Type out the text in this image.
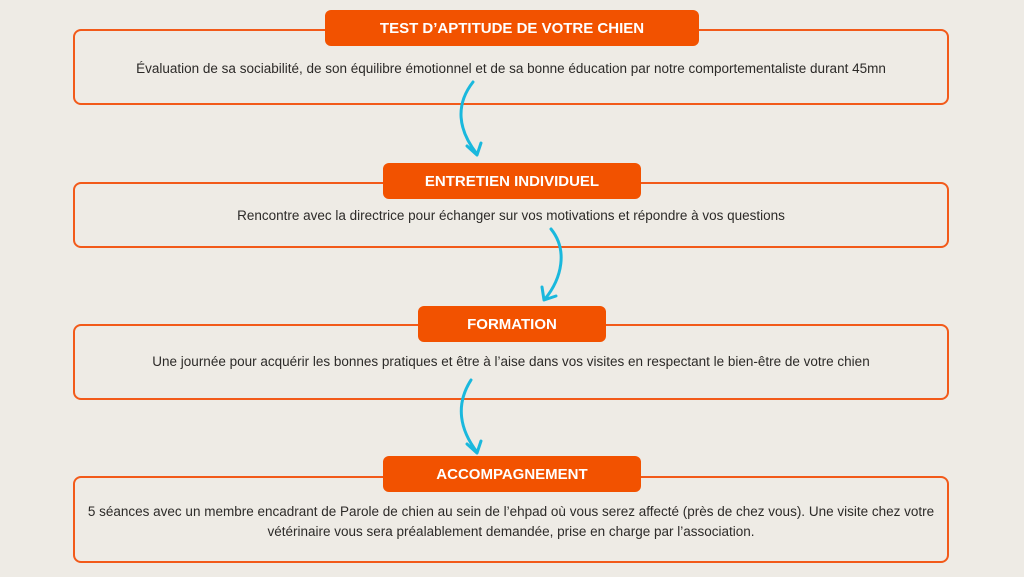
TEST D’APTITUDE DE VOTRE CHIEN
Évaluation de sa sociabilité, de son équilibre émotionnel et de sa bonne éducation par notre comportementaliste durant 45mn
ENTRETIEN INDIVIDUEL
Rencontre avec la directrice pour échanger sur vos motivations et répondre à vos questions
FORMATION
Une journée pour acquérir les bonnes pratiques et être à l’aise dans vos visites en respectant le bien-être de votre chien
ACCOMPAGNEMENT
5 séances avec un membre encadrant de Parole de chien au sein de l’ehpad où vous serez affecté (près de chez vous). Une visite chez votre vétérinaire vous sera préalablement demandée, prise en charge par l’association.
